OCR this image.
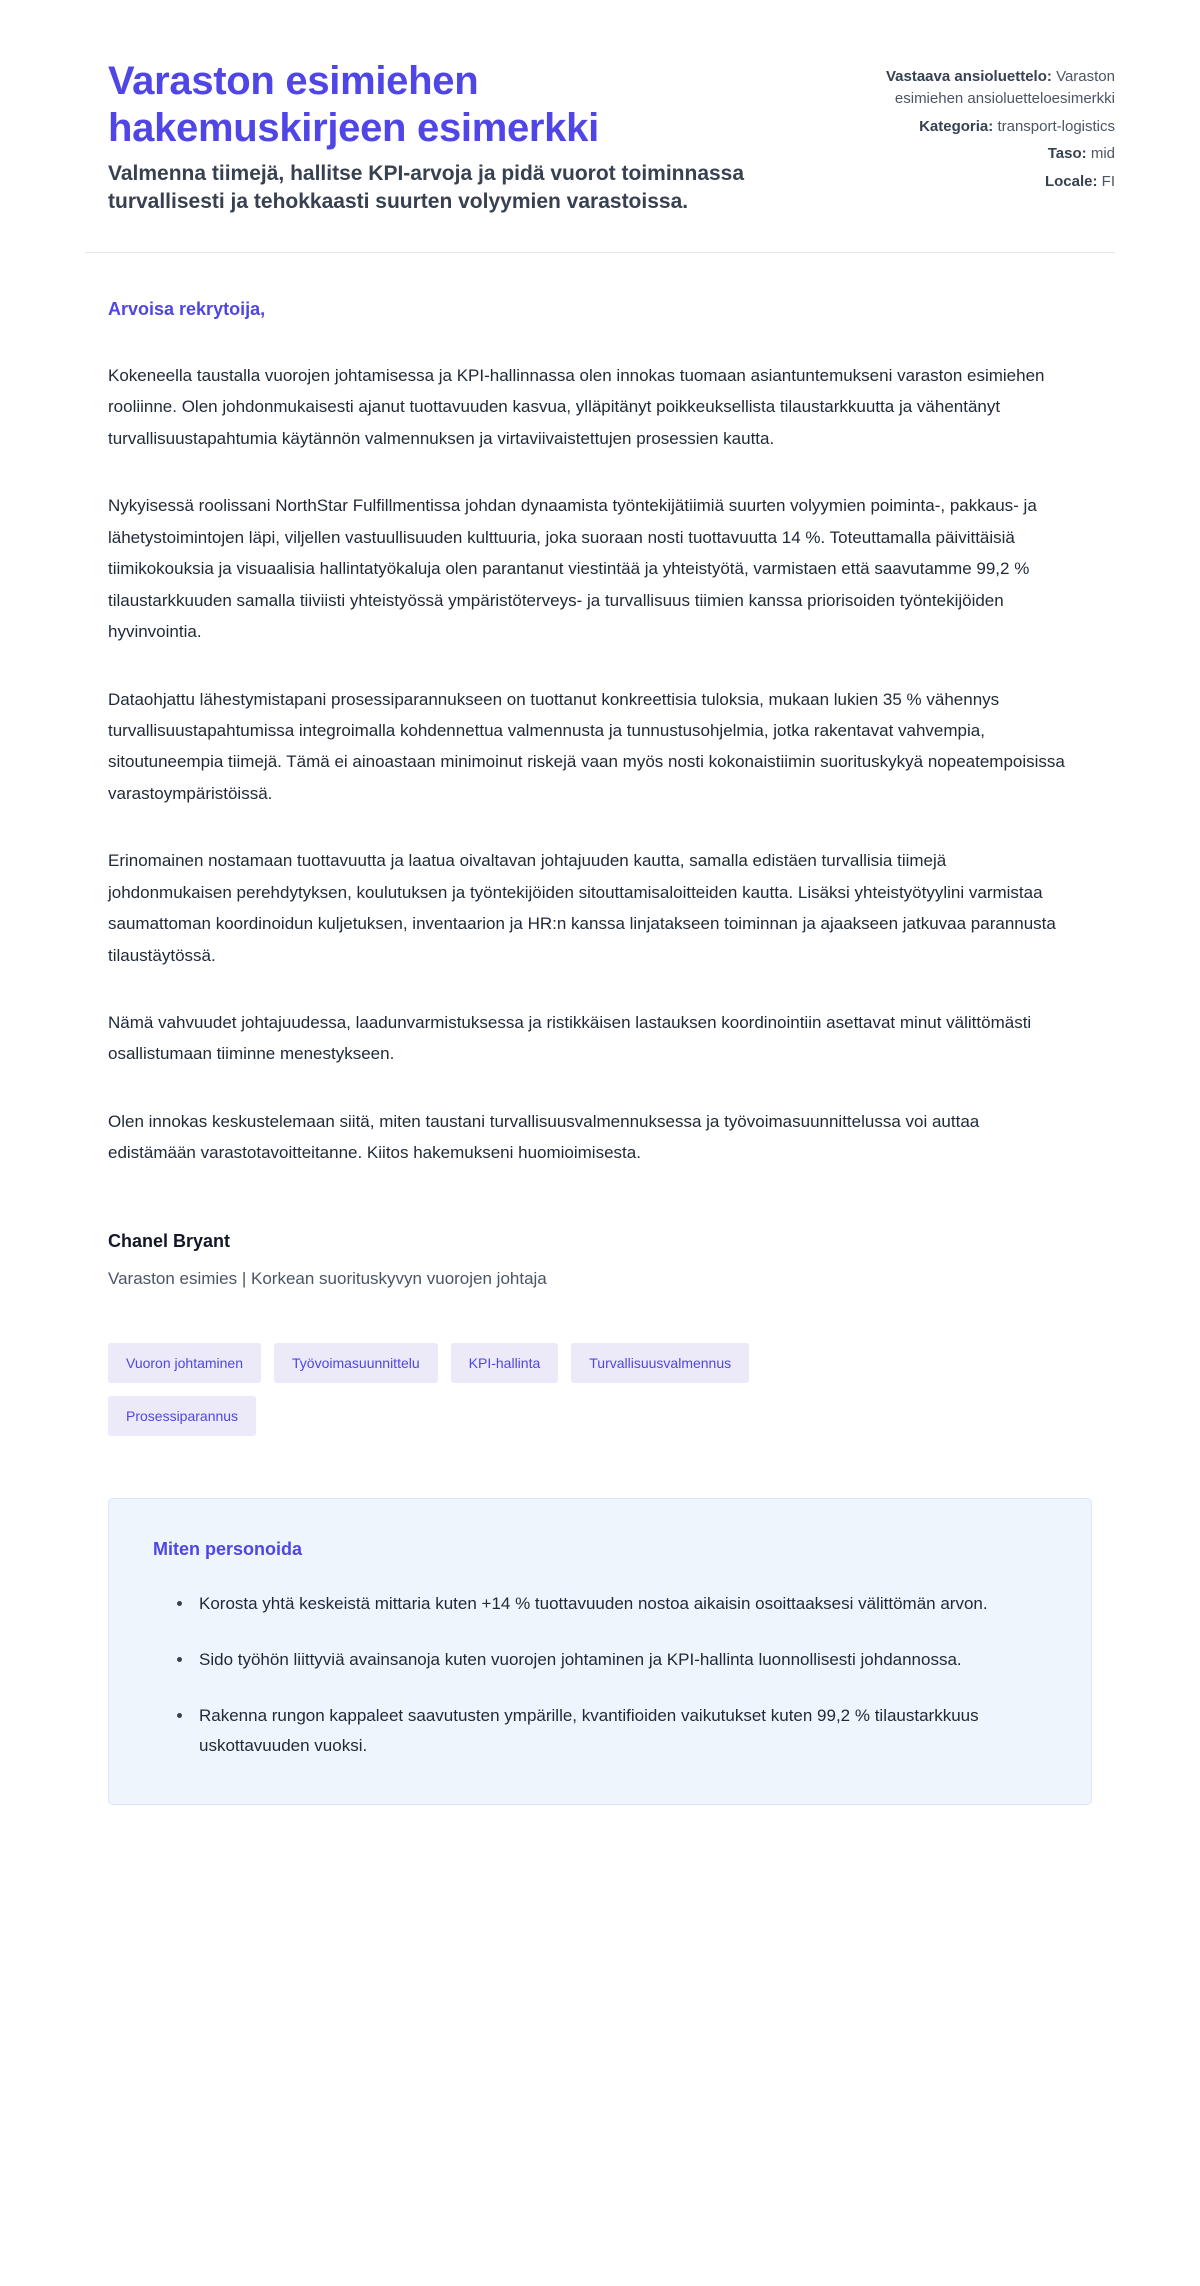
Varaston esimiehen hakemuskirjeen esimerkki

Valmenna tiimejä, hallitse KPI-arvoja ja pidä vuorot toiminnassa turvallisesti ja tehokkaasti suurten volyymien varastoissa.

Vastaava ansioluettelo: Varaston esimiehen ansioluetteloesimerkki
Kategoria: transport-logistics
Taso: mid
Locale: FI

Arvoisa rekrytoija,

Kokeneella taustalla vuorojen johtamisessa ja KPI-hallinnassa olen innokas tuomaan asiantuntemukseni varaston esimiehen rooliinne. Olen johdonmukaisesti ajanut tuottavuuden kasvua, ylläpitänyt poikkeuksellista tilaustarkkuutta ja vähentänyt turvallisuustapahtumia käytännön valmennuksen ja virtaviivaistettujen prosessien kautta.

Nykyisessä roolissani NorthStar Fulfillmentissa johdan dynaamista työntekijätiimiä suurten volyymien poiminta-, pakkaus- ja lähetystoimintojen läpi, viljellen vastuullisuuden kulttuuria, joka suoraan nosti tuottavuutta 14 %. Toteuttamalla päivittäisiä tiimikokouksia ja visuaalisia hallintatyökaluja olen parantanut viestintää ja yhteistyötä, varmistaen että saavutamme 99,2 % tilaustarkkuuden samalla tiiviisti yhteistyössä ympäristöterveys- ja turvallisuus tiimien kanssa priorisoiden työntekijöiden hyvinvointia.

Dataohjattu lähestymistapani prosessiparannukseen on tuottanut konkreettisia tuloksia, mukaan lukien 35 % vähennys turvallisuustapahtumissa integroimalla kohdennettua valmennusta ja tunnustusohjelmia, jotka rakentavat vahvempia, sitoutuneempia tiimejä. Tämä ei ainoastaan minimoinut riskejä vaan myös nosti kokonaistiimin suorituskykyä nopeatempoisissa varastoympäristöissä.

Erinomainen nostamaan tuottavuutta ja laatua oivaltavan johtajuuden kautta, samalla edistäen turvallisia tiimejä johdonmukaisen perehdytyksen, koulutuksen ja työntekijöiden sitouttamisaloitteiden kautta. Lisäksi yhteistyötyylini varmistaa saumattoman koordinoidun kuljetuksen, inventaarion ja HR:n kanssa linjatakseen toiminnan ja ajaakseen jatkuvaa parannusta tilaustäytössä.

Nämä vahvuudet johtajuudessa, laadunvarmistuksessa ja ristikkäisen lastauksen koordinointiin asettavat minut välittömästi osallistumaan tiiminne menestykseen.

Olen innokas keskustelemaan siitä, miten taustani turvallisuusvalmennuksessa ja työvoimasuunnittelussa voi auttaa edistämään varastotavoitteitanne. Kiitos hakemukseni huomioimisesta.

Chanel Bryant

Varaston esimies | Korkean suorituskyvyn vuorojen johtaja

Vuoron johtaminen	Työvoimasuunnittelu	KPI-hallinta	Turvallisuusvalmennus
Prosessiparannus

Miten personoida

Korosta yhtä keskeistä mittaria kuten +14 % tuottavuuden nostoa aikaisin osoittaaksesi välittömän arvon.
Sido työhön liittyviä avainsanoja kuten vuorojen johtaminen ja KPI-hallinta luonnollisesti johdannossa.
Rakenna rungon kappaleet saavutusten ympärille, kvantifioiden vaikutukset kuten 99,2 % tilaustarkkuus uskottavuuden vuoksi.
